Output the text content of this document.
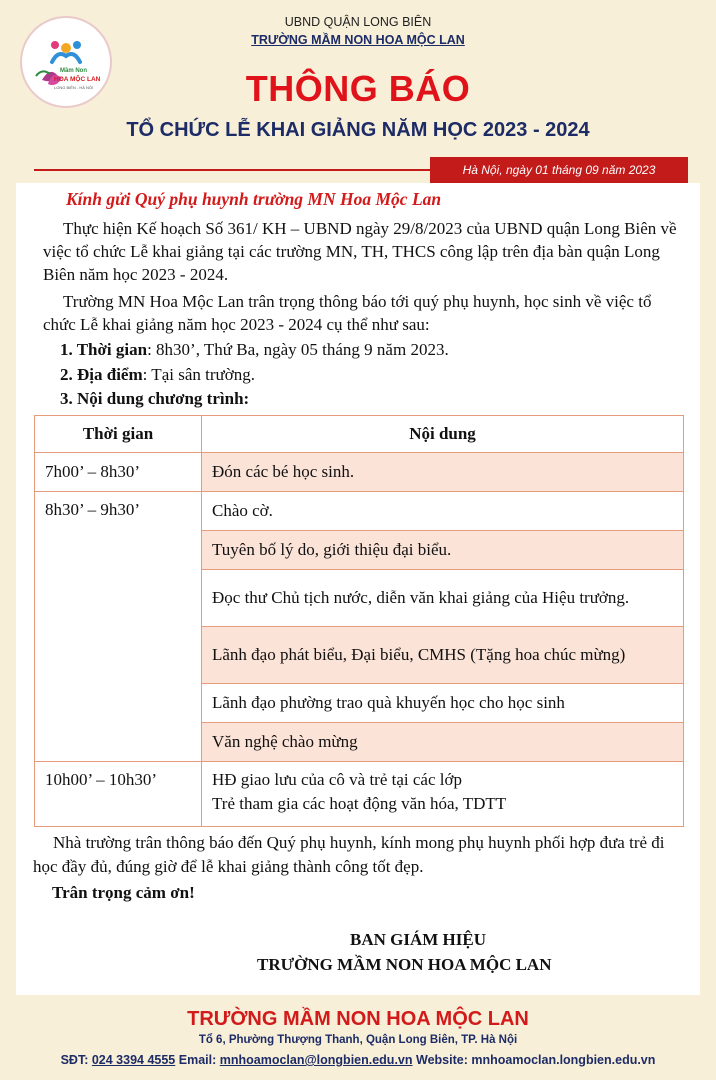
Mầm Non
HOA MỘC LAN
LONG BIÊN - HÀ NỘI
UBND QUẬN LONG BIÊN
TRƯỜNG MẦM NON HOA MỘC LAN
THÔNG BÁO
TỔ CHỨC LỄ KHAI GIẢNG NĂM HỌC 2023 - 2024
Hà Nội, ngày 01 tháng 09 năm 2023
Kính gửi Quý phụ huynh trường MN Hoa Mộc Lan
Thực hiện Kế hoạch Số 361/ KH – UBND ngày 29/8/2023 của UBND quận Long Biên về việc tổ chức Lễ khai giảng tại các trường MN, TH, THCS công lập trên địa bàn quận Long Biên năm học 2023 - 2024.
Trường MN Hoa Mộc Lan trân trọng thông báo tới quý phụ huynh, học sinh về việc tổ chức Lễ khai giảng năm học 2023 - 2024 cụ thể như sau:
1. Thời gian: 8h30’, Thứ Ba, ngày 05 tháng 9 năm 2023.
2. Địa điểm: Tại sân trường.
3. Nội dung chương trình:
Thời gian	Nội dung
7h00’ – 8h30’	Đón các bé học sinh.
8h30’ – 9h30’	Chào cờ.
	Tuyên bố lý do, giới thiệu đại biểu.
	Đọc thư Chủ tịch nước, diễn văn khai giảng của Hiệu trưởng.
	Lãnh đạo phát biểu, Đại biểu, CMHS (Tặng hoa chúc mừng)
	Lãnh đạo phường trao quà khuyến học cho học sinh
	Văn nghệ chào mừng
10h00’ – 10h30’	HĐ giao lưu của cô và trẻ tại các lớp
Trẻ tham gia các hoạt động văn hóa, TDTT
Nhà trường trân thông báo đến Quý phụ huynh, kính mong phụ huynh phối hợp đưa trẻ đi học đầy đủ, đúng giờ để lễ khai giảng thành công tốt đẹp.
Trân trọng cảm ơn!
BAN GIÁM HIỆU
TRƯỜNG MẦM NON HOA MỘC LAN
TRƯỜNG MẦM NON HOA MỘC LAN
Tổ 6, Phường Thượng Thanh, Quận Long Biên, TP. Hà Nội
SĐT: 024 3394 4555 Email: mnhoamoclan@longbien.edu.vn Website: mnhoamoclan.longbien.edu.vn
